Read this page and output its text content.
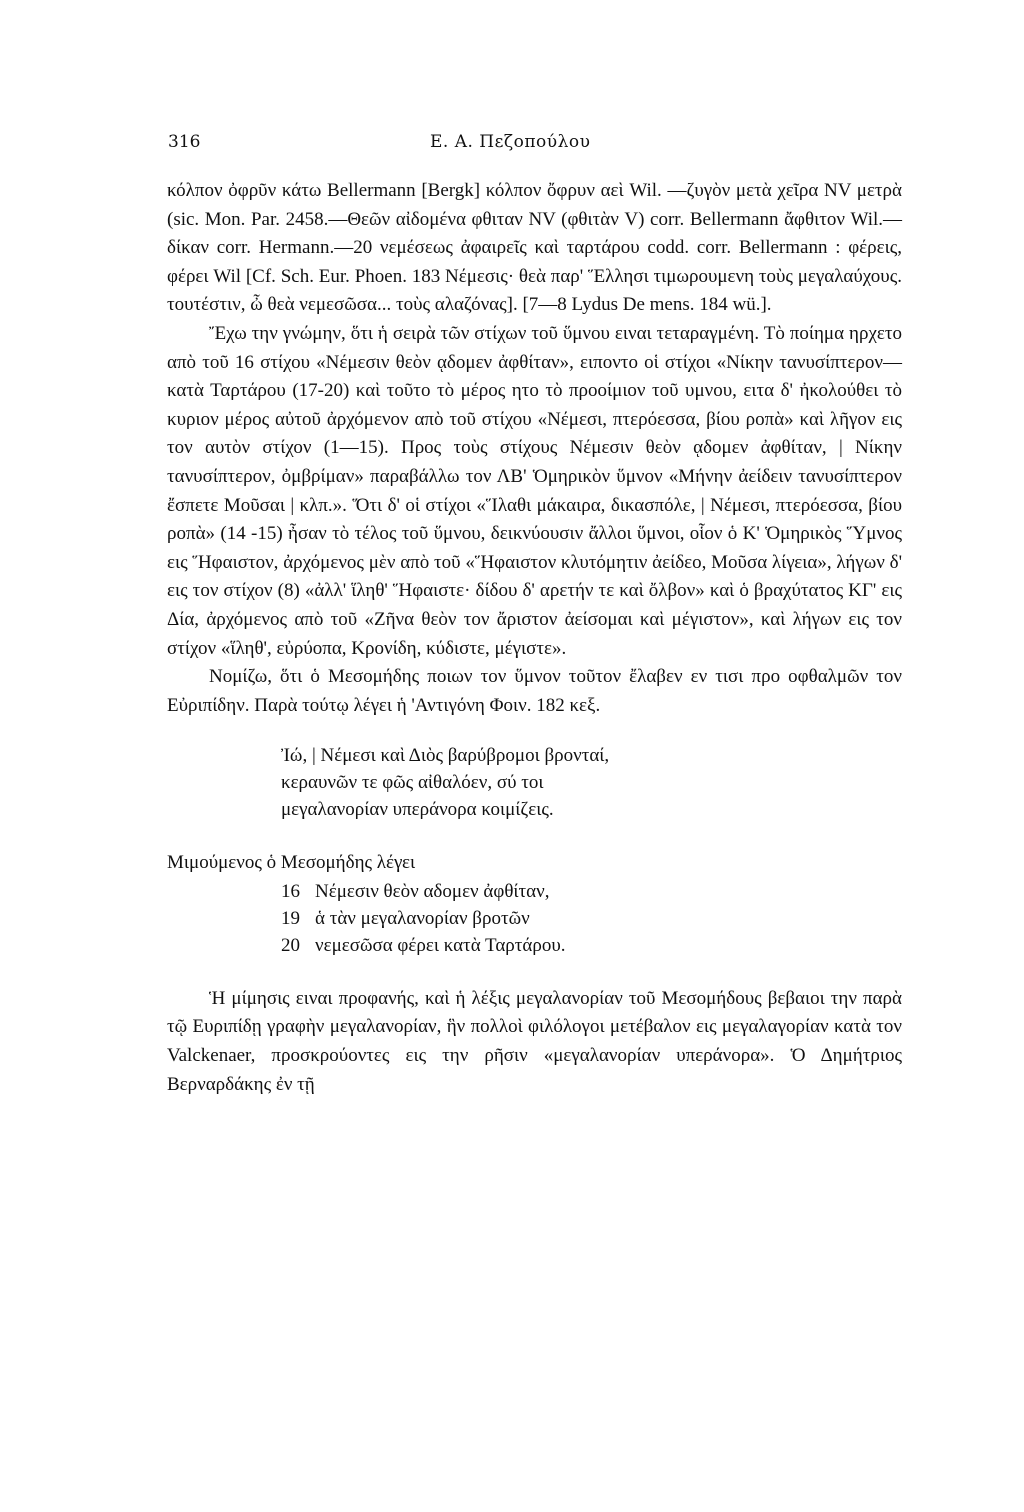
316	Ε. Α. Πεζοπούλου

κόλπον ὀφρῦν κάτω Bellermann [Bergk] κόλπον ὄφρυν αεὶ Wil. —ζυγὸν μετὰ χεῖρα NV μετρὰ (sic. Mon. Par. 2458.—Θεῶν αἰδομένα φθιταν NV (φθιτὰν V) corr. Bellermann ἄφθιτον Wil.—δίκαν corr. Hermann.—20 νεμέσεως ἀφαιρεῖς καὶ ταρτάρου codd. corr. Bellermann : φέρεις, φέρει Wil [Cf. Sch. Eur. Phoen. 183 Νέμεσις· θεὰ παρ' Ἕλλησι τιμωρουμενη τοὺς μεγαλαύχους. τουτέστιν, ὦ θεὰ νεμεσῶσα... τοὺς αλαζόνας]. [7—8 Lydus De mens. 184 wü.].

Ἔχω την γνώμην, ὅτι ἡ σειρὰ τῶν στίχων τοῦ ὕμνου ειναι τεταραγμένη. Τὸ ποίημα ηρχετο απὸ τοῦ 16 στίχου «Νέμεσιν θεὸν ᾳδομεν ἀφθίταν», ειποντο οἱ στίχοι «Νίκην τανυσίπτερον—κατὰ Ταρτάρου (17-20) καὶ τοῦτο τὸ μέρος ητο τὸ προοίμιον τοῦ υμνου, ειτα δ' ἠκολούθει τὸ κυριον μέρος αὐτοῦ ἀρχόμενον απὸ τοῦ στίχου «Νέμεσι, πτερόεσσα, βίου ροπὰ» καὶ λῆγον εις τον αυτὸν στίχον (1—15). Προς τοὺς στίχους Νέμεσιν θεὸν ᾳδομεν ἀφθίταν, | Νίκην τανυσίπτερον, ὀμβρίμαν» παραβάλλω τον ΛΒ' Ὁμηρικὸν ὕμνον «Μήνην ἀείδειν τανυσίπτερον ἔσπετε Μοῦσαι | κλπ.». Ὅτι δ' οἱ στίχοι «Ἵλαθι μάκαιρα, δικασπόλε, | Νέμεσι, πτερόεσσα, βίου ροπὰ» (14 -15) ἦσαν τὸ τέλος τοῦ ὕμνου, δεικνύουσιν ἄλλοι ὕμνοι, οἷον ὁ Κ' Ὁμηρικὸς Ὕμνος εις Ἥφαιστον, ἀρχόμενος μὲν απὸ τοῦ «Ἥφαιστον κλυτόμητιν ἀείδεο, Μοῦσα λίγεια», λήγων δ' εις τον στίχον (8) «ἀλλ' ἵληθ' Ἥφαιστε· δίδου δ' αρετήν τε καὶ ὄλβον» καὶ ὁ βραχύτατος ΚΓ' εις Δία, ἀρχόμενος απὸ τοῦ «Ζῆνα θεὸν τον ἄριστον ἀείσομαι καὶ μέγιστον», καὶ λήγων εις τον στίχον «ἵληθ', εὐρύοπα, Κρονίδη, κύδιστε, μέγιστε».

Νομίζω, ὅτι ὁ Μεσομήδης ποιων τον ὕμνον τοῦτον ἔλαβεν εν τισι προ οφθαλμῶν τον Εὐριπίδην. Παρὰ τούτῳ λέγει ἡ 'Αντιγόνη Φοιν. 182 κεξ.

Ἰώ, | Νέμεσι καὶ Διὸς βαρύβρομοι βρονταί,
κεραυνῶν τε φῶς αἰθαλόεν, σύ τοι
μεγαλανορίαν υπεράνορα κοιμίζεις.

Μιμούμενος ὁ Μεσομήδης λέγει

16 Νέμεσιν θεὸν αδομεν ἀφθίταν,
19 ἁ τὰν μεγαλανορίαν βροτῶν
20 νεμεσῶσα φέρει κατὰ Ταρτάρου.

Ἡ μίμησις ειναι προφανής, καὶ ἡ λέξις μεγαλανορίαν τοῦ Μεσομήδους βεβαιοι την παρὰ τῷ Ευριπίδῃ γραφὴν μεγαλανορίαν, ἣν πολλοὶ φιλόλογοι μετέβαλον εις μεγαλαγορίαν κατὰ τον Valckenaer, προσκρούοντες εις την ρῆσιν «μεγαλανορίαν υπεράνορα». Ὁ Δημήτριος Βερναρδάκης ἐν τῇ
